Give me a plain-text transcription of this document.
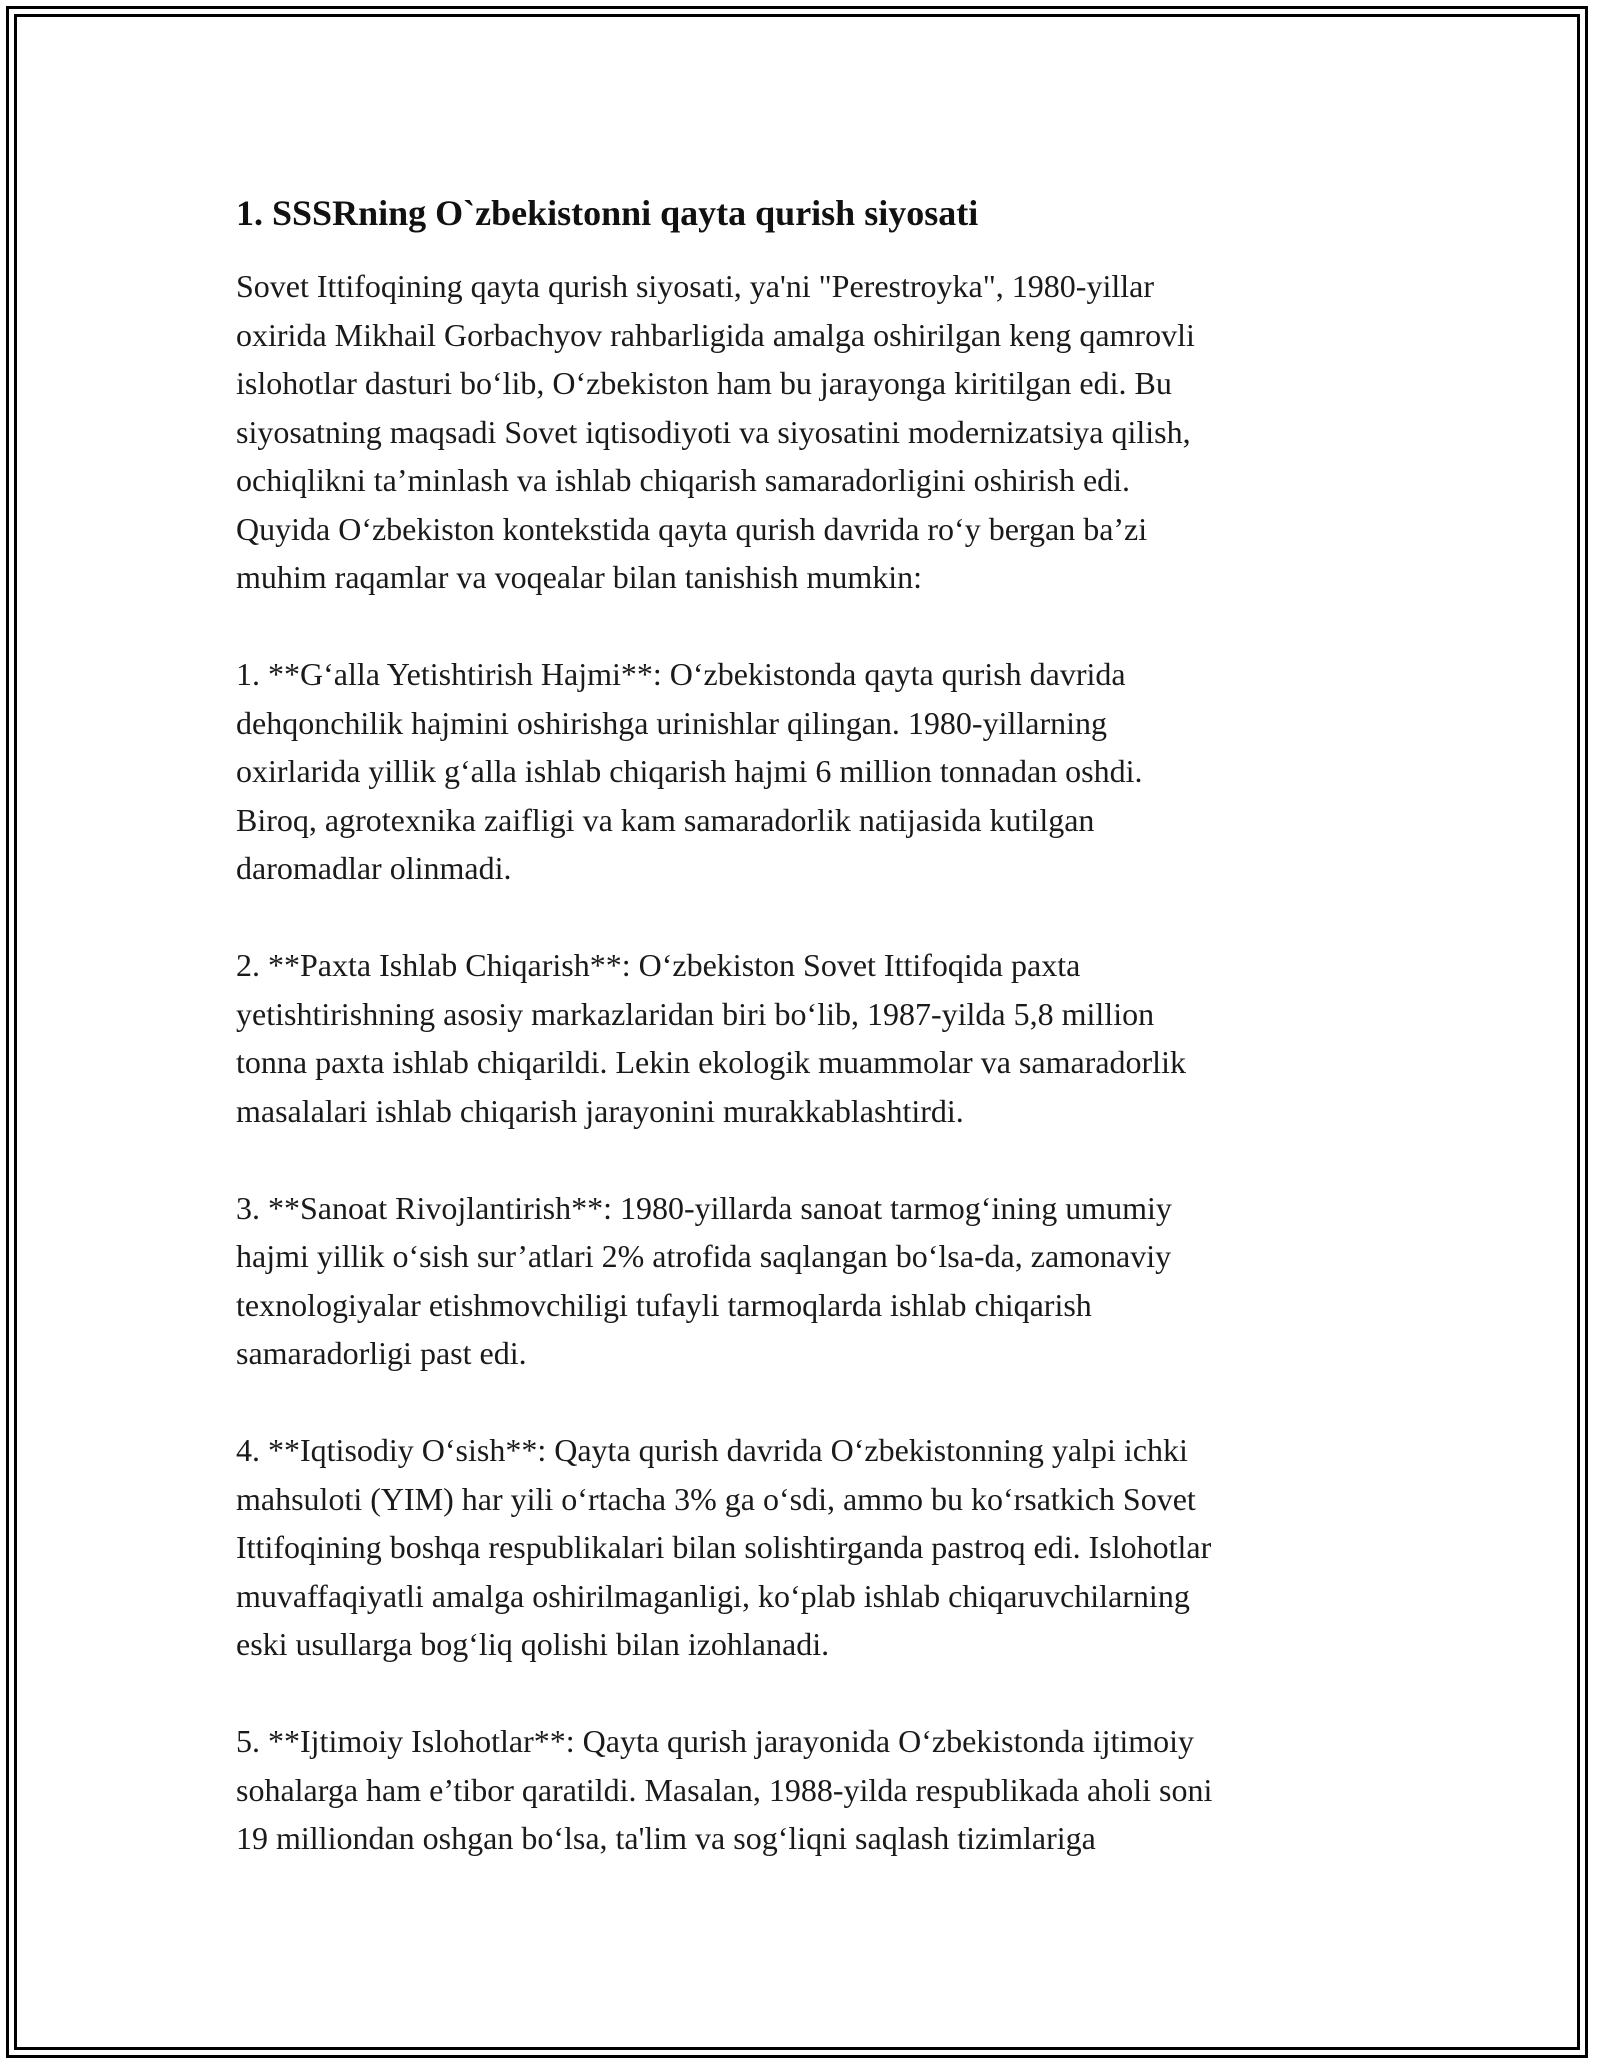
1. SSSRning O`zbekistonni qayta qurish siyosati
Sovet Ittifoqining qayta qurish siyosati, ya'ni "Perestroyka", 1980-yillar
oxirida Mikhail Gorbachyov rahbarligida amalga oshirilgan keng qamrovli
islohotlar dasturi bo‘lib, O‘zbekiston ham bu jarayonga kiritilgan edi. Bu
siyosatning maqsadi Sovet iqtisodiyoti va siyosatini modernizatsiya qilish,
ochiqlikni ta’minlash va ishlab chiqarish samaradorligini oshirish edi.
Quyida O‘zbekiston kontekstida qayta qurish davrida ro‘y bergan ba’zi
muhim raqamlar va voqealar bilan tanishish mumkin:
1. **G‘alla Yetishtirish Hajmi**: O‘zbekistonda qayta qurish davrida
dehqonchilik hajmini oshirishga urinishlar qilingan. 1980-yillarning
oxirlarida yillik g‘alla ishlab chiqarish hajmi 6 million tonnadan oshdi.
Biroq, agrotexnika zaifligi va kam samaradorlik natijasida kutilgan
daromadlar olinmadi.
2. **Paxta Ishlab Chiqarish**: O‘zbekiston Sovet Ittifoqida paxta
yetishtirishning asosiy markazlaridan biri bo‘lib, 1987-yilda 5,8 million
tonna paxta ishlab chiqarildi. Lekin ekologik muammolar va samaradorlik
masalalari ishlab chiqarish jarayonini murakkablashtirdi.
3. **Sanoat Rivojlantirish**: 1980-yillarda sanoat tarmog‘ining umumiy
hajmi yillik o‘sish sur’atlari 2% atrofida saqlangan bo‘lsa-da, zamonaviy
texnologiyalar etishmovchiligi tufayli tarmoqlarda ishlab chiqarish
samaradorligi past edi.
4. **Iqtisodiy O‘sish**: Qayta qurish davrida O‘zbekistonning yalpi ichki
mahsuloti (YIM) har yili o‘rtacha 3% ga o‘sdi, ammo bu ko‘rsatkich Sovet
Ittifoqining boshqa respublikalari bilan solishtirganda pastroq edi. Islohotlar
muvaffaqiyatli amalga oshirilmaganligi, ko‘plab ishlab chiqaruvchilarning
eski usullarga bog‘liq qolishi bilan izohlanadi.
5. **Ijtimoiy Islohotlar**: Qayta qurish jarayonida O‘zbekistonda ijtimoiy
sohalarga ham e’tibor qaratildi. Masalan, 1988-yilda respublikada aholi soni
19 milliondan oshgan bo‘lsa, ta'lim va sog‘liqni saqlash tizimlariga
